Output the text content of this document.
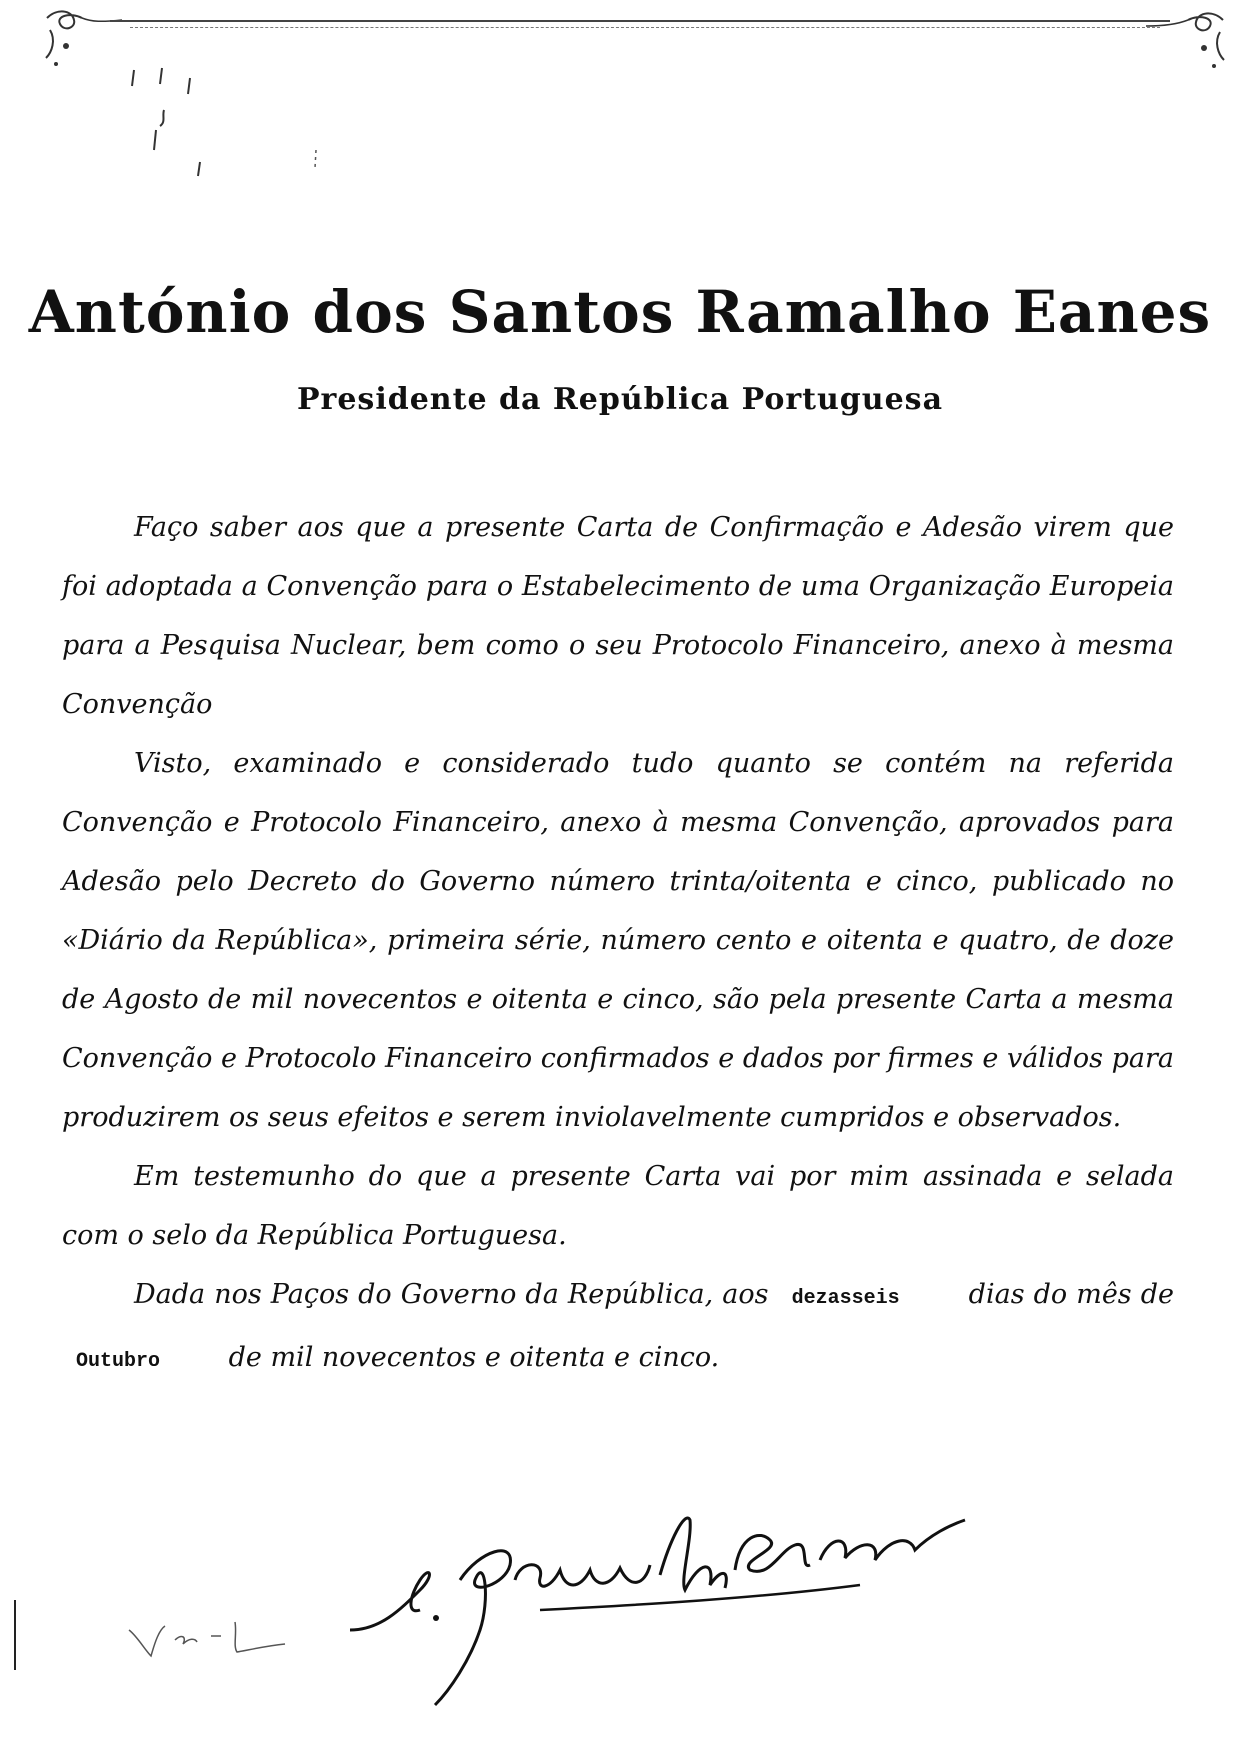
António dos Santos Ramalho Eanes
Presidente da República Portuguesa

Faço saber aos que a presente Carta de Confirmação e Adesão virem que foi adoptada a Convenção para o Estabelecimento de uma Organização Europeia para a Pesquisa Nuclear, bem como o seu Protocolo Financeiro, anexo à mesma Convenção

Visto, examinado e considerado tudo quanto se contém na referida Convenção e Protocolo Financeiro, anexo à mesma Convenção, aprovados para Adesão pelo Decreto do Governo número trinta/oitenta e cinco, publicado no «Diário da República», primeira série, número cento e oitenta e quatro, de doze de Agosto de mil novecentos e oitenta e cinco, são pela presente Carta a mesma Convenção e Protocolo Financeiro confirmados e dados por firmes e válidos para produzirem os seus efeitos e serem inviolavelmente cumpridos e observados.

Em testemunho do que a presente Carta vai por mim assinada e selada com o selo da República Portuguesa.

Dada nos Paços do Governo da República, aos dezasseis	dias do mês de Outubro	de mil novecentos e oitenta e cinco.
